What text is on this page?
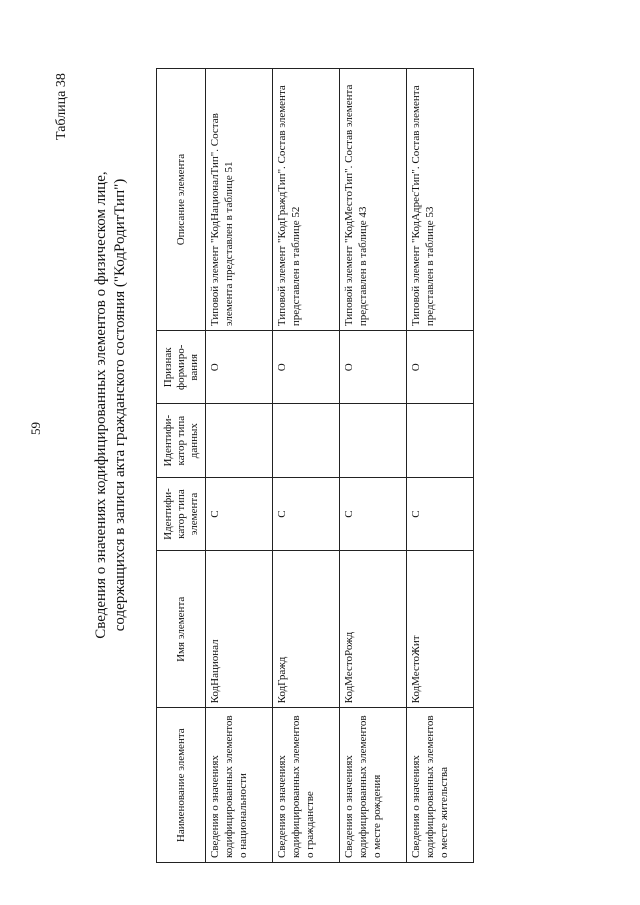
59
Таблица 38
Сведения о значениях кодифицированных элементов о физическом лице, содержащихся в записи акта гражданского состояния ("КодРодитТип")
Наименование элемента	Имя элемента	Идентифи-катор типа элемента	Идентифи-катор типа данных	Признак формиро-вания	Описание элемента
Сведения о значениях кодифицированных элементов о национальности	КодНационал	С		О	Типовой элемент "КодНационалТип". Состав элемента представлен в таблице 51
Сведения о значениях кодифицированных элементов о гражданстве	КодГражд	С		О	Типовой элемент "КодГраждТип". Состав элемента представлен в таблице 52
Сведения о значениях кодифицированных элементов о месте рождения	КодМестоРожд	С		О	Типовой элемент "КодМестоТип". Состав элемента представлен в таблице 43
Сведения о значениях кодифицированных элементов о месте жительства	КодМестоЖит	С		О	Типовой элемент "КодАдресТип". Состав элемента представлен в таблице 53
